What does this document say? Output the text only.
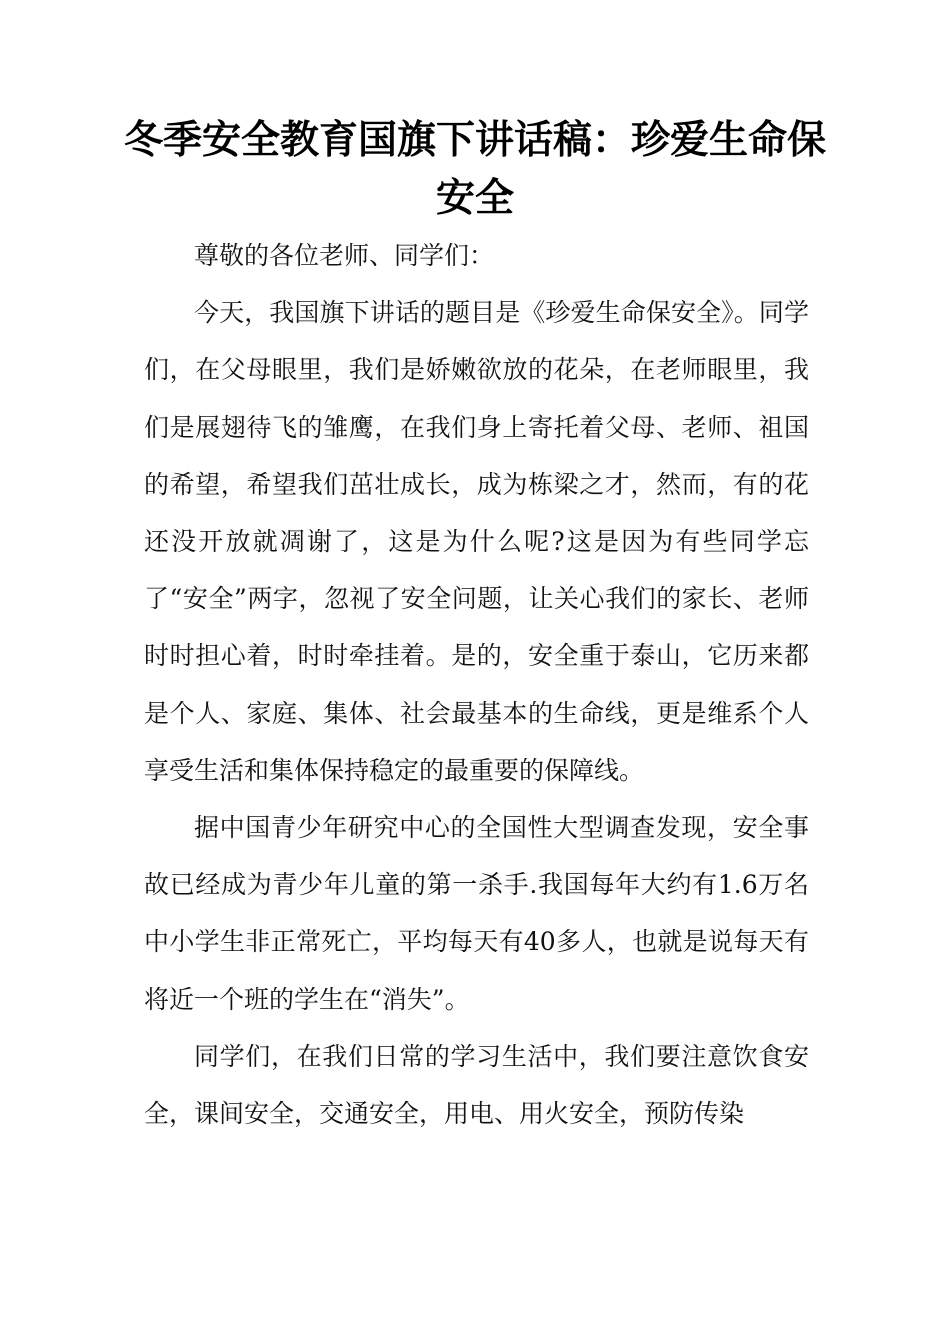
冬季安全教育国旗下讲话稿：珍爱生命保安全

尊敬的各位老师、同学们：

今天，我国旗下讲话的题目是《珍爱生命保安全》。同学们，在父母眼里，我们是娇嫩欲放的花朵，在老师眼里，我们是展翅待飞的雏鹰，在我们身上寄托着父母、老师、祖国的希望，希望我们茁壮成长，成为栋梁之才，然而，有的花还没开放就凋谢了，这是为什么呢?这是因为有些同学忘了“安全”两字，忽视了安全问题，让关心我们的家长、老师时时担心着，时时牵挂着。是的，安全重于泰山，它历来都是个人、家庭、集体、社会最基本的生命线，更是维系个人享受生活和集体保持稳定的最重要的保障线。

据中国青少年研究中心的全国性大型调查发现，安全事故已经成为青少年儿童的第一杀手.我国每年大约有1.6万名中小学生非正常死亡，平均每天有40多人，也就是说每天有将近一个班的学生在“消失”。

同学们，在我们日常的学习生活中，我们要注意饮食安全，课间安全，交通安全，用电、用火安全，预防传染
